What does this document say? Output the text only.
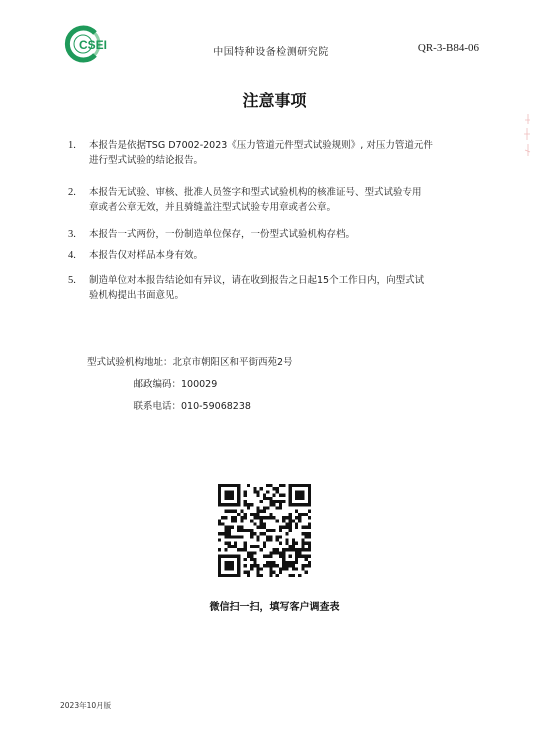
CSEI
中国特种设备检测研究院	QR-3-B84-06
注意事项
1. 本报告是依据TSG D7002-2023《压力管道元件型式试验规则》, 对压力管道元件
进行型式试验的结论报告。
2. 本报告无试验、审核、批准人员签字和型式试验机构的核准证号、型式试验专用
章或者公章无效，并且骑缝盖注型式试验专用章或者公章。
3. 本报告一式两份，一份制造单位保存，一份型式试验机构存档。
4. 本报告仅对样品本身有效。
5. 制造单位对本报告结论如有异议，请在收到报告之日起15个工作日内，向型式试
验机构提出书面意见。
型式试验机构地址：北京市朝阳区和平街西苑2号
邮政编码：100029
联系电话：010-59068238
微信扫一扫，填写客户调查表
2023年10月版
